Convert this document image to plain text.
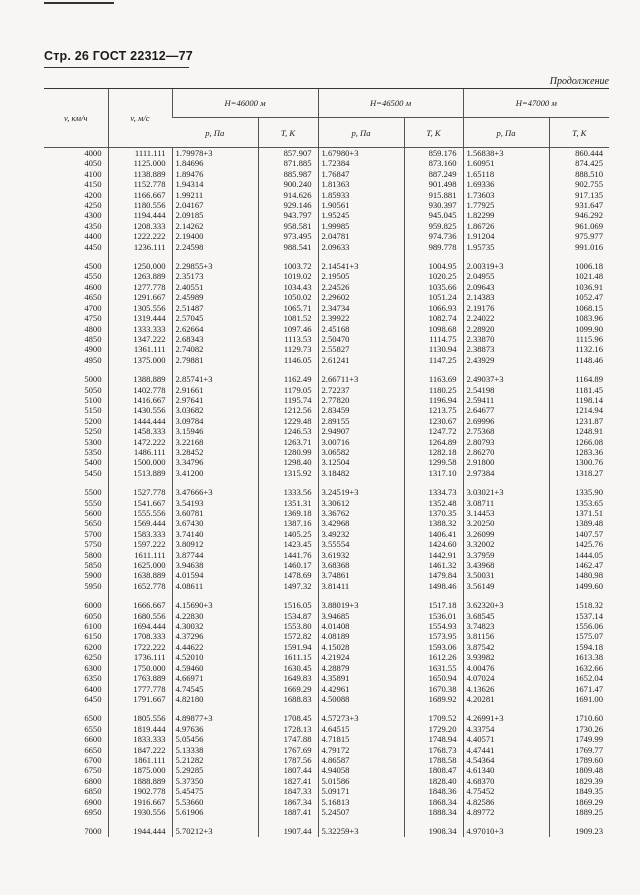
Стр. 26 ГОСТ 22312—77
Продолжение
v, км/ч	v, м/с	H=46000 м		H=46500 м		H=47000 м	
		p, Па	T, К	p, Па	T, К	p, Па	T, К
4000	1111.111	1.79978+3	857.907	1.67980+3	859.176	1.56838+3	860.444
4050	1125.000	1.84696	871.885	1.72384	873.160	1.60951	874.425
4100	1138.889	1.89476	885.987	1.76847	887.249	1.65118	888.510
4150	1152.778	1.94314	900.240	1.81363	901.498	1.69336	902.755
4200	1166.667	1.99211	914.626	1.85933	915.881	1.73603	917.135
4250	1180.556	2.04167	929.146	1.90561	930.397	1.77925	931.647
4300	1194.444	2.09185	943.797	1.95245	945.045	1.82299	946.292
4350	1208.333	2.14262	958.581	1.99985	959.825	1.86726	961.069
4400	1222.222	2.19400	973.495	2.04781	974.736	1.91204	975.977
4450	1236.111	2.24598	988.541	2.09633	989.778	1.95735	991.016

4500	1250.000	2.29855+3	1003.72	2.14541+3	1004.95	2.00319+3	1006.18
4550	1263.889	2.35173	1019.02	2.19505	1020.25	2.04955	1021.48
4600	1277.778	2.40551	1034.43	2.24526	1035.66	2.09643	1036.91
4650	1291.667	2.45989	1050.02	2.29602	1051.24	2.14383	1052.47
4700	1305.556	2.51487	1065.71	2.34734	1066.93	2.19176	1068.15
4750	1319.444	2.57045	1081.52	2.39922	1082.74	2.24022	1083.96
4800	1333.333	2.62664	1097.46	2.45168	1098.68	2.28920	1099.90
4850	1347.222	2.68343	1113.53	2.50470	1114.75	2.33870	1115.96
4900	1361.111	2.74082	1129.73	2.55827	1130.94	2.38873	1132.16
4950	1375.000	2.79881	1146.05	2.61241	1147.25	2.43929	1148.46

5000	1388.889	2.85741+3	1162.49	2.66711+3	1163.69	2.49037+3	1164.89
5050	1402.778	2.91661	1179.05	2.72237	1180.25	2.54198	1181.45
5100	1416.667	2.97641	1195.74	2.77820	1196.94	2.59411	1198.14
5150	1430.556	3.03682	1212.56	2.83459	1213.75	2.64677	1214.94
5200	1444.444	3.09784	1229.48	2.89155	1230.67	2.69996	1231.87
5250	1458.333	3.15946	1246.53	2.94907	1247.72	2.75368	1248.91
5300	1472.222	3.22168	1263.71	3.00716	1264.89	2.80793	1266.08
5350	1486.111	3.28452	1280.99	3.06582	1282.18	2.86270	1283.36
5400	1500.000	3.34796	1298.40	3.12504	1299.58	2.91800	1300.76
5450	1513.889	3.41200	1315.92	3.18482	1317.10	2.97384	1318.27

5500	1527.778	3.47666+3	1333.56	3.24519+3	1334.73	3.03021+3	1335.90
5550	1541.667	3.54193	1351.31	3.30612	1352.48	3.08711	1353.65
5600	1555.556	3.60781	1369.18	3.36762	1370.35	3.14453	1371.51
5650	1569.444	3.67430	1387.16	3.42968	1388.32	3.20250	1389.48
5700	1583.333	3.74140	1405.25	3.49232	1406.41	3.26099	1407.57
5750	1597.222	3.80912	1423.45	3.55554	1424.60	3.32002	1425.76
5800	1611.111	3.87744	1441.76	3.61932	1442.91	3.37959	1444.05
5850	1625.000	3.94638	1460.17	3.68368	1461.32	3.43968	1462.47
5900	1638.889	4.01594	1478.69	3.74861	1479.84	3.50031	1480.98
5950	1652.778	4.08611	1497.32	3.81411	1498.46	3.56149	1499.60

6000	1666.667	4.15690+3	1516.05	3.88019+3	1517.18	3.62320+3	1518.32
6050	1680.556	4.22830	1534.87	3.94685	1536.01	3.68545	1537.14
6100	1694.444	4.30032	1553.80	4.01408	1554.93	3.74823	1556.06
6150	1708.333	4.37296	1572.82	4.08189	1573.95	3.81156	1575.07
6200	1722.222	4.44622	1591.94	4.15028	1593.06	3.87542	1594.18
6250	1736.111	4.52010	1611.15	4.21924	1612.26	3.93982	1613.38
6300	1750.000	4.59460	1630.45	4.28879	1631.55	4.00476	1632.66
6350	1763.889	4.66971	1649.83	4.35891	1650.94	4.07024	1652.04
6400	1777.778	4.74545	1669.29	4.42961	1670.38	4.13626	1671.47
6450	1791.667	4.82180	1688.83	4.50088	1689.92	4.20281	1691.00

6500	1805.556	4.89877+3	1708.45	4.57273+3	1709.52	4.26991+3	1710.60
6550	1819.444	4.97636	1728.13	4.64515	1729.20	4.33754	1730.26
6600	1833.333	5.05456	1747.88	4.71815	1748.94	4.40571	1749.99
6650	1847.222	5.13338	1767.69	4.79172	1768.73	4.47441	1769.77
6700	1861.111	5.21282	1787.56	4.86587	1788.58	4.54364	1789.60
6750	1875.000	5.29285	1807.44	4.94058	1808.47	4.61340	1809.48
6800	1888.889	5.37350	1827.41	5.01586	1828.40	4.68370	1829.39
6850	1902.778	5.45475	1847.33	5.09171	1848.36	4.75452	1849.35
6900	1916.667	5.53660	1867.34	5.16813	1868.34	4.82586	1869.29
6950	1930.556	5.61906	1887.41	5.24507	1888.34	4.89772	1889.25

7000	1944.444	5.70212+3	1907.44	5.32259+3	1908.34	4.97010+3	1909.23
